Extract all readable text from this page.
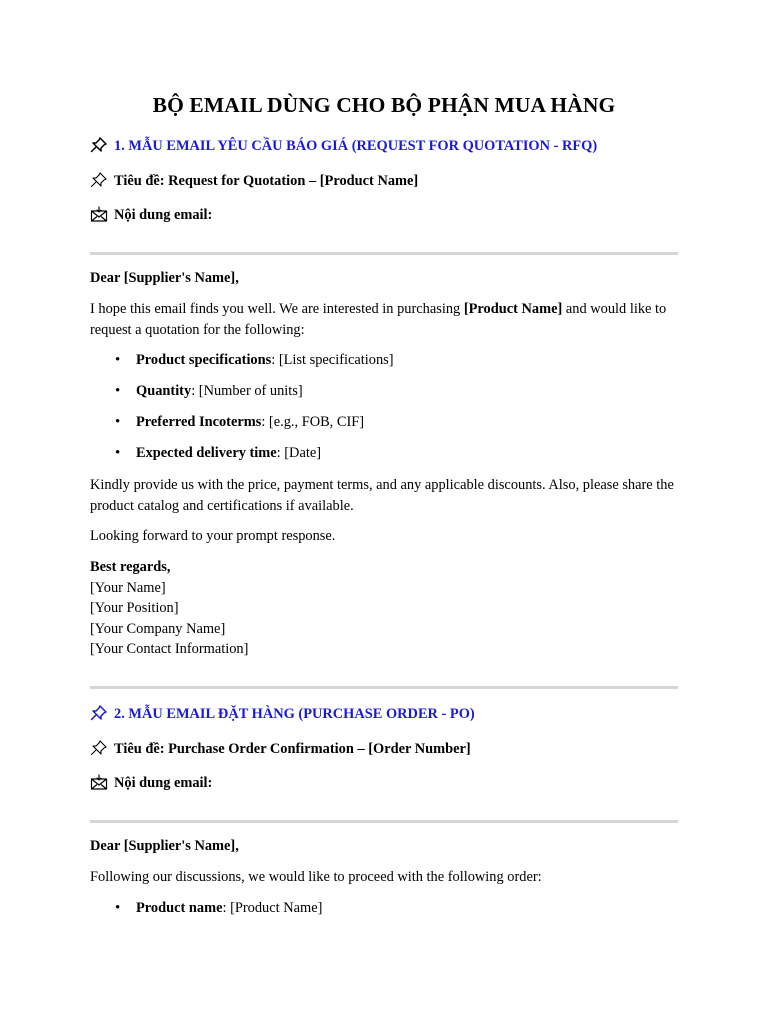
BỘ EMAIL DÙNG CHO BỘ PHẬN MUA HÀNG
1. MẪU EMAIL YÊU CẦU BÁO GIÁ (REQUEST FOR QUOTATION - RFQ)
Tiêu đề: Request for Quotation – [Product Name]
Nội dung email:
Dear [Supplier's Name],
I hope this email finds you well. We are interested in purchasing [Product Name] and would like to request a quotation for the following:
• Product specifications: [List specifications]
• Quantity: [Number of units]
• Preferred Incoterms: [e.g., FOB, CIF]
• Expected delivery time: [Date]
Kindly provide us with the price, payment terms, and any applicable discounts. Also, please share the product catalog and certifications if available.
Looking forward to your prompt response.
Best regards,
[Your Name]
[Your Position]
[Your Company Name]
[Your Contact Information]
2. MẪU EMAIL ĐẶT HÀNG (PURCHASE ORDER - PO)
Tiêu đề: Purchase Order Confirmation – [Order Number]
Nội dung email:
Dear [Supplier's Name],
Following our discussions, we would like to proceed with the following order:
• Product name: [Product Name]
